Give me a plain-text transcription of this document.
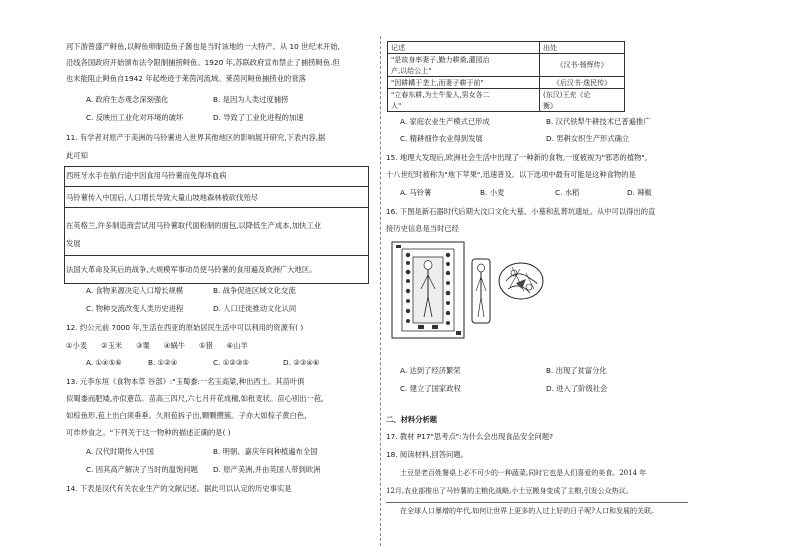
河下游曾盛产鲟鱼,以鲟鱼卵制造鱼子酱也是当时该地的一大特产。从 10 世纪末开始,
沿线各国政府开始颁布法令限制捕捞鲟鱼。1920 年,苏联政府宣布禁止了捕捞鲟鱼.但
也未能阻止鲟鱼自1942 年起绝迹于莱茵河流域。莱茵河鲟鱼捕捞业的衰落
A. 政府生态观念深刻强化	B. 是因为人类过度捕捞
C. 反映出工业化对环境的破坏	D. 导致了工业化进程的加速
11. 有学者对原产于美洲的马铃薯进入世界其他地区的影响展开研究,下表内容,据
此可知
西班牙水手在航行途中因食用马铃薯而免得坏血病
马铃薯传入中国后,人口增长导致大量山坡地森林被砍伐殆尽
在英格兰,许多制造商尝试用马铃薯取代面粉制的面包,以降低生产成本,加快工业
发展
法国大革命及其后的战争,大规模军事动员使马铃薯的食用遍及欧洲广大地区。
A. 食物来源决定人口增长规模	B. 战争促进区域文化交流
C. 物种交流改变人类历史进程	D. 人口迁徙推动文化认同
12. 约公元前 7000 年,生活在西亚的原始居民生活中可以利用的资源有( )
①小麦      ②玉米      ③粟      ④蜗牛      ⑤猪      ⑥山羊
A. ①④⑤⑥	B. ①②④	C. ①②③⑤	D. ②③④⑥
13. 元李东垣《食物本草 谷部》:"玉蜀黍:一名玉高粱,种出西土。其苗叶俱
似蜀黍而肥矮,亦似薏苡。苗高三四尺,六七月开花成穗,如秕麦状。苗心别出一苞,
如棕鱼形,苞上出白须垂垂。久则苞拆子出,颗颗攒簇。子亦大如棕子黄白色,
可炸炒食之。"下列关于这一物种的描述正确的是( )
A. 汉代时期传入中国	B. 明朝、嘉庆年间种植遍布全国
C. 因其高产解决了当时的温饱问题 D. 原产美洲,并由英国人带到欧洲
14. 下表是汉代有关农业生产的文献记述。据此可以认定的历史事实是
记述	出处
"是故身率妻子,勤力耕桑,灌园治	《汉书·杨恽传》
产,以给公上"	
"因耕耩于垄上,而妻子耕于前"	《后汉书·逸民传》
"立春东耕,为土牛象人,男女各二	(东汉)王充《论
人"	衡》
A. 家庭农业生产模式已形成	B. 汉代铁犁牛耕技术已普遍推广
C. 精耕细作农业得到发展	D. 男耕女织生产形式确立
15. 地理大发现后,欧洲社会生活中出现了一种新的食物,一度被视为"邪恶的植物",
十八世纪时被称为"地下苹果",迅速普及。以下选项中最有可能是这种食物的是
A. 马铃薯	B. 小麦	C. 水稻	D. 辣椒
16. 下图是新石器时代后期大汶口文化大墓、小墓和乱葬坑遗址。从中可以得出的直
接历史信息是当时已经
A. 达到了经济繁荣	B. 出现了贫富分化
C. 建立了国家政权	D. 进入了阶级社会
二、材料分析题
17. 教材 P17"思考点":为什么会出现食品安全问题?
18. 阅读材料,回答问题。
土豆是老百姓餐桌上必不可少的一种蔬菜,同时它也是人们喜爱的美食。2014 年
12月,农业部推出了马铃薯的主粮化战略,小土豆搬身变成了主粮,引发公众热议。
在全球人口暴增的年代,如何让世界上更多的人过上好的日子呢?人口和发展的关联,
